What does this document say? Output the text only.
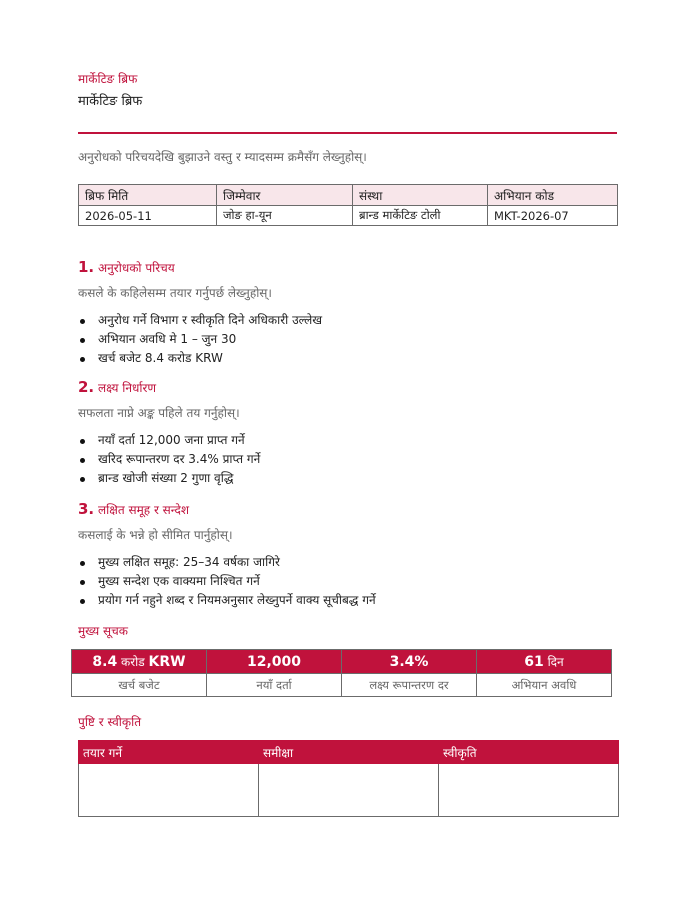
मार्केटिङ ब्रिफ
मार्केटिङ ब्रिफ
अनुरोधको परिचयदेखि बुझाउने वस्तु र म्यादसम्म क्रमैसँग लेख्नुहोस्।
ब्रिफ मिति	जिम्मेवार	संस्था	अभियान कोड
2026-05-11	जोङ हा-यून	ब्रान्ड मार्केटिङ टोली	MKT-2026-07
1. अनुरोधको परिचय
कसले के कहिलेसम्म तयार गर्नुपर्छ लेख्नुहोस्।
अनुरोध गर्ने विभाग र स्वीकृति दिने अधिकारी उल्लेख
अभियान अवधि मे 1 – जुन 30
खर्च बजेट 8.4 करोड KRW
2. लक्ष्य निर्धारण
सफलता नाप्ने अङ्क पहिले तय गर्नुहोस्।
नयाँ दर्ता 12,000 जना प्राप्त गर्ने
खरिद रूपान्तरण दर 3.4% प्राप्त गर्ने
ब्रान्ड खोजी संख्या 2 गुणा वृद्धि
3. लक्षित समूह र सन्देश
कसलाई के भन्ने हो सीमित पार्नुहोस्।
मुख्य लक्षित समूह: 25–34 वर्षका जागिरे
मुख्य सन्देश एक वाक्यमा निश्चित गर्ने
प्रयोग गर्न नहुने शब्द र नियमअनुसार लेख्नुपर्ने वाक्य सूचीबद्ध गर्ने
मुख्य सूचक
8.4 करोड KRW	12,000	3.4%	61 दिन
खर्च बजेट	नयाँ दर्ता	लक्ष्य रूपान्तरण दर	अभियान अवधि
पुष्टि र स्वीकृति
तयार गर्ने	समीक्षा	स्वीकृति
